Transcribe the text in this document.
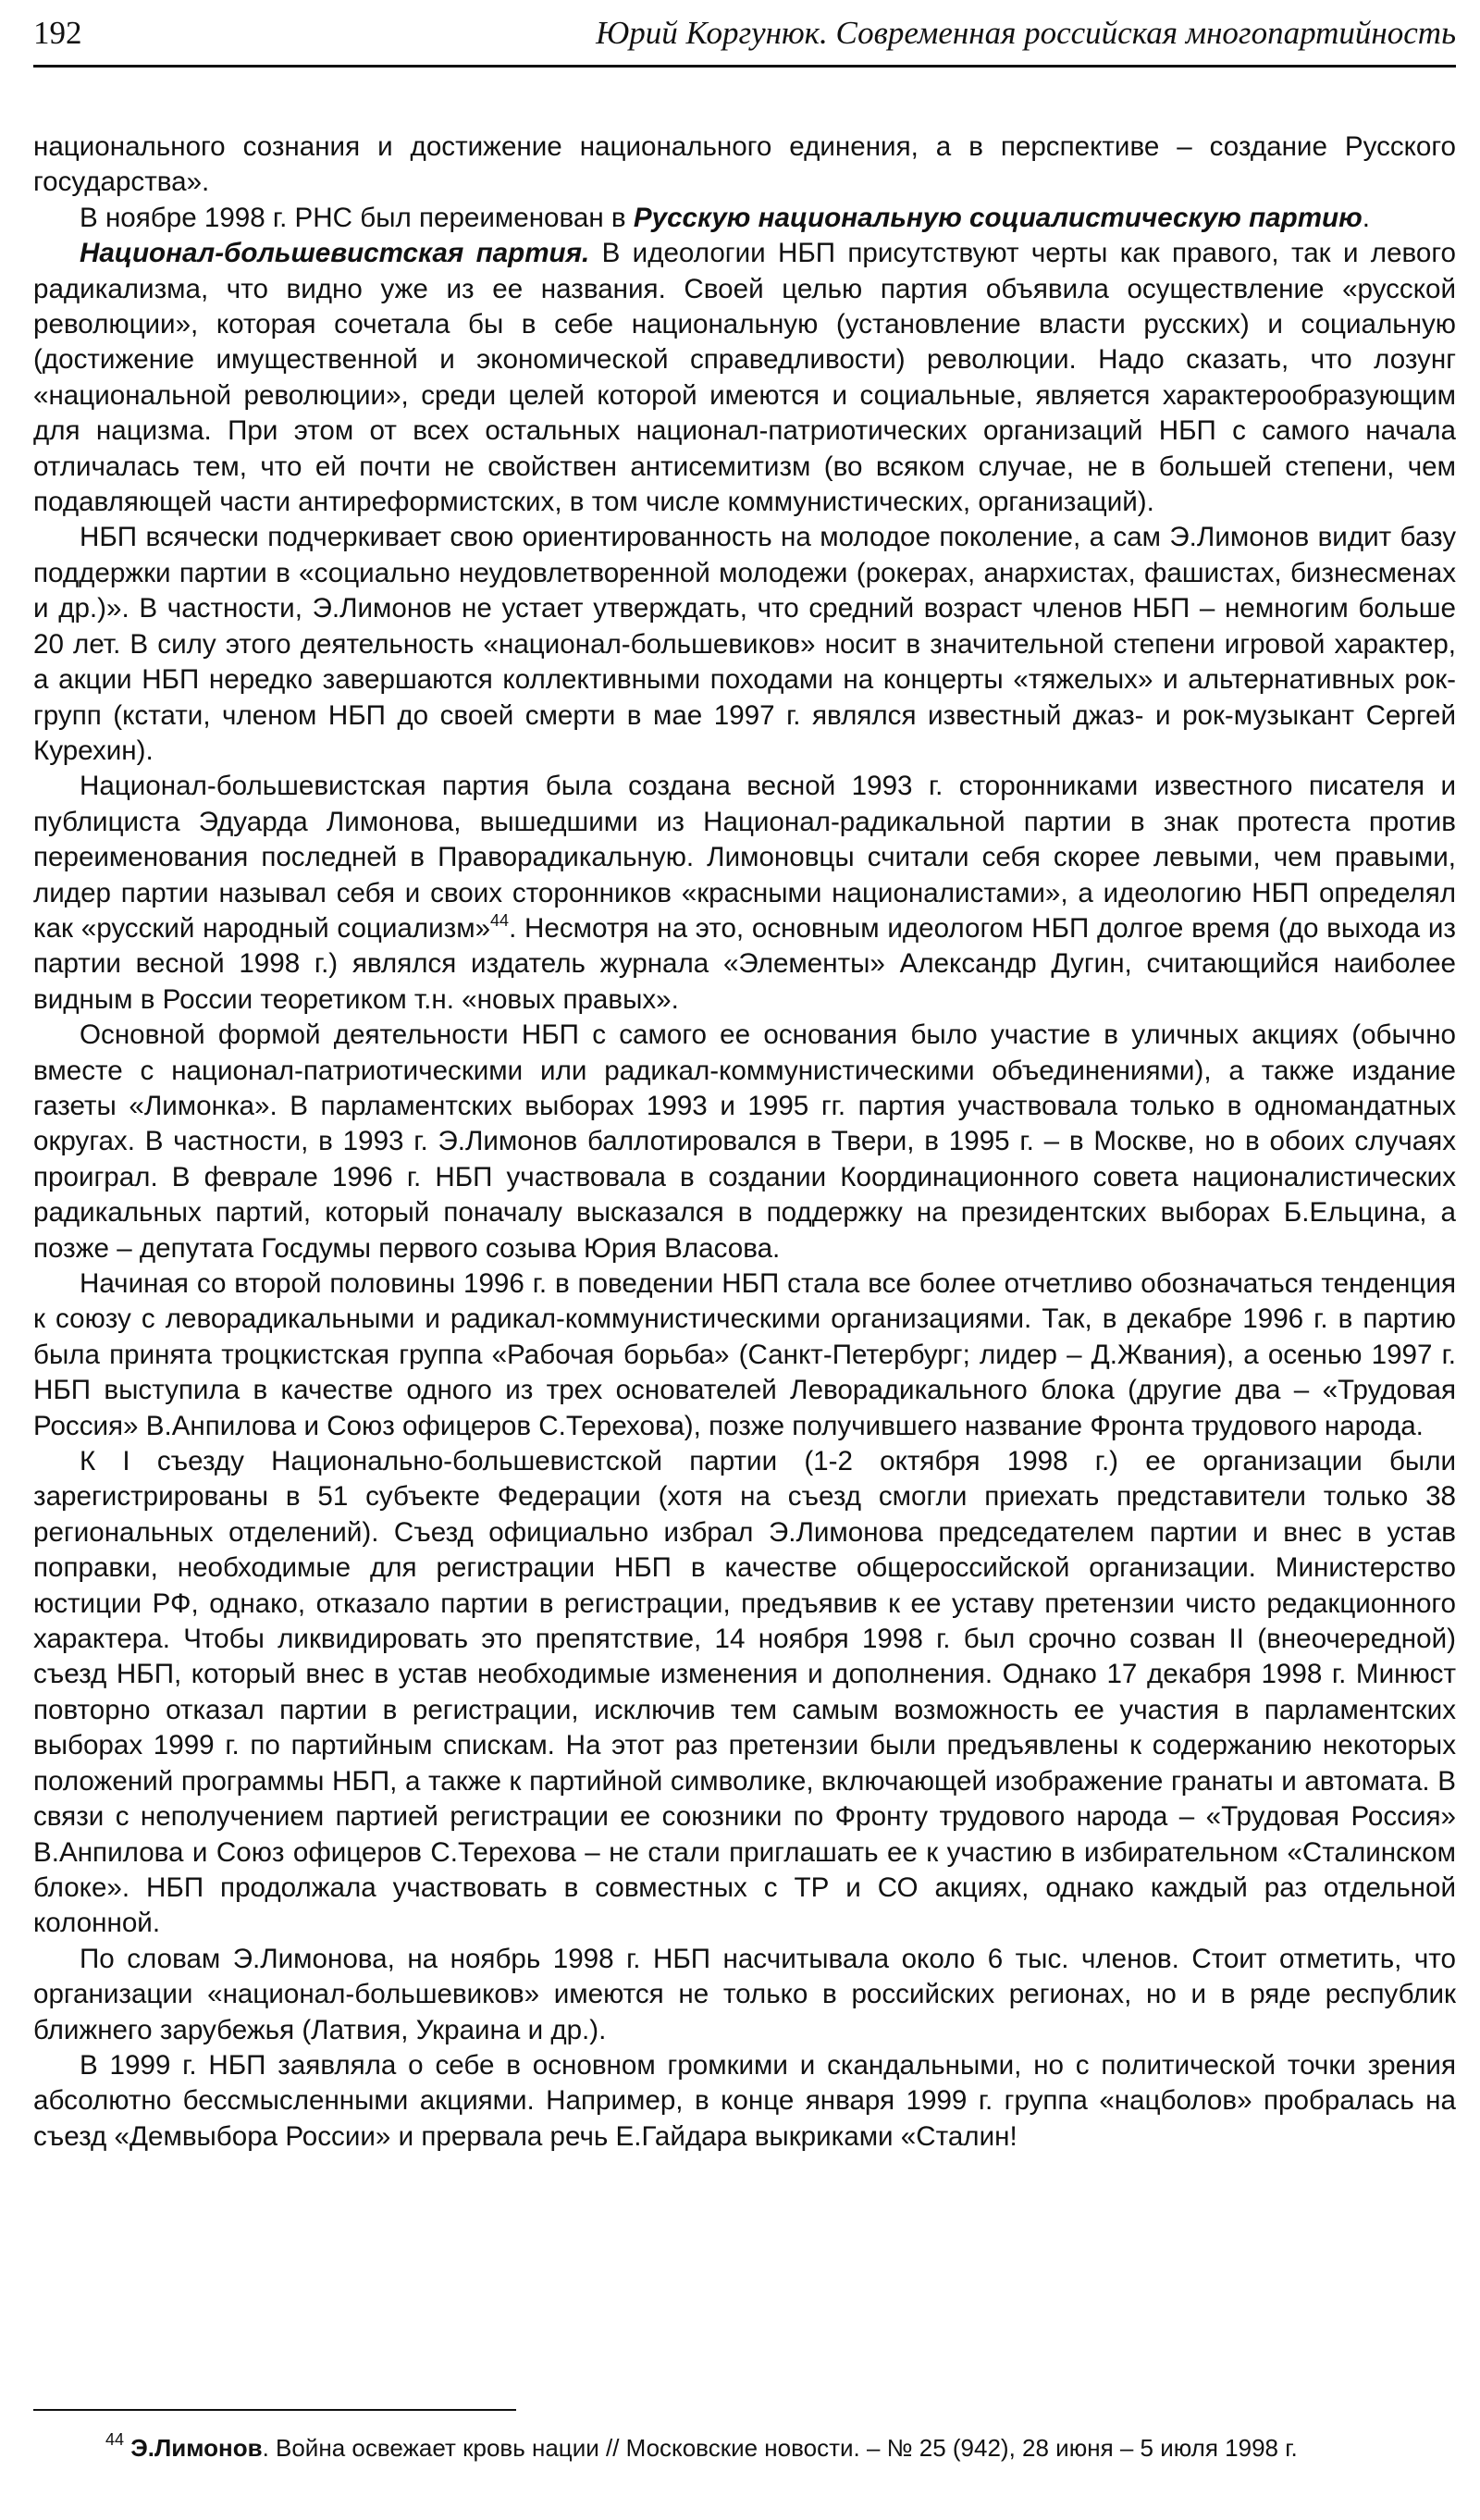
192	Юрий Коргунюк. Современная российская многопартийность

национального сознания и достижение национального единения, а в перспективе – создание Русского государства».

В ноябре 1998 г. РНС был переименован в Русскую национальную социалистическую партию.

Национал-большевистская партия. В идеологии НБП присутствуют черты как правого, так и левого радикализма, что видно уже из ее названия. Своей целью партия объявила осуществление «русской революции», которая сочетала бы в себе национальную (установление власти русских) и социальную (достижение имущественной и экономической справедливости) революции. Надо сказать, что лозунг «национальной революции», среди целей которой имеются и социальные, является характерообразующим для нацизма. При этом от всех остальных национал-патриотических организаций НБП с самого начала отличалась тем, что ей почти не свойствен антисемитизм (во всяком случае, не в большей степени, чем подавляющей части антиреформистских, в том числе коммунистических, организаций).

НБП всячески подчеркивает свою ориентированность на молодое поколение, а сам Э.Лимонов видит базу поддержки партии в «социально неудовлетворенной молодежи (рокерах, анархистах, фашистах, бизнесменах и др.)». В частности, Э.Лимонов не устает утверждать, что средний возраст членов НБП – немногим больше 20 лет. В силу этого деятельность «национал-большевиков» носит в значительной степени игровой характер, а акции НБП нередко завершаются коллективными походами на концерты «тяжелых» и альтернативных рок-групп (кстати, членом НБП до своей смерти в мае 1997 г. являлся известный джаз- и рок-музыкант Сергей Курехин).

Национал-большевистская партия была создана весной 1993 г. сторонниками известного писателя и публициста Эдуарда Лимонова, вышедшими из Национал-радикальной партии в знак протеста против переименования последней в Праворадикальную. Лимоновцы считали себя скорее левыми, чем правыми, лидер партии называл себя и своих сторонников «красными националистами», а идеологию НБП определял как «русский народный социализм»$^{44}$. Несмотря на это, основным идеологом НБП долгое время (до выхода из партии весной 1998 г.) являлся издатель журнала «Элементы» Александр Дугин, считающийся наиболее видным в России теоретиком т.н. «новых правых».

Основной формой деятельности НБП с самого ее основания было участие в уличных акциях (обычно вместе с национал-патриотическими или радикал-коммунистическими объединениями), а также издание газеты «Лимонка». В парламентских выборах 1993 и 1995 гг. партия участвовала только в одномандатных округах. В частности, в 1993 г. Э.Лимонов баллотировался в Твери, в 1995 г. – в Москве, но в обоих случаях проиграл. В феврале 1996 г. НБП участвовала в создании Координационного совета националистических радикальных партий, который поначалу высказался в поддержку на президентских выборах Б.Ельцина, а позже – депутата Госдумы первого созыва Юрия Власова.

Начиная со второй половины 1996 г. в поведении НБП стала все более отчетливо обозначаться тенденция к союзу с леворадикальными и радикал-коммунистическими организациями. Так, в декабре 1996 г. в партию была принята троцкистская группа «Рабочая борьба» (Санкт-Петербург; лидер – Д.Жвания), а осенью 1997 г. НБП выступила в качестве одного из трех основателей Леворадикального блока (другие два – «Трудовая Россия» В.Анпилова и Союз офицеров С.Терехова), позже получившего название Фронта трудового народа.

К I съезду Национально-большевистской партии (1-2 октября 1998 г.) ее организации были зарегистрированы в 51 субъекте Федерации (хотя на съезд смогли приехать представители только 38 региональных отделений). Съезд официально избрал Э.Лимонова председателем партии и внес в устав поправки, необходимые для регистрации НБП в качестве общероссийской организации. Министерство юстиции РФ, однако, отказало партии в регистрации, предъявив к ее уставу претензии чисто редакционного характера. Чтобы ликвидировать это препятствие, 14 ноября 1998 г. был срочно созван II (внеочередной) съезд НБП, который внес в устав необходимые изменения и дополнения. Однако 17 декабря 1998 г. Минюст повторно отказал партии в регистрации, исключив тем самым возможность ее участия в парламентских выборах 1999 г. по партийным спискам. На этот раз претензии были предъявлены к содержанию некоторых положений программы НБП, а также к партийной символике, включающей изображение гранаты и автомата. В связи с неполучением партией регистрации ее союзники по Фронту трудового народа – «Трудовая Россия» В.Анпилова и Союз офицеров С.Терехова – не стали приглашать ее к участию в избирательном «Сталинском блоке». НБП продолжала участвовать в совместных с ТР и СО акциях, однако каждый раз отдельной колонной.

По словам Э.Лимонова, на ноябрь 1998 г. НБП насчитывала около 6 тыс. членов. Стоит отметить, что организации «национал-большевиков» имеются не только в российских регионах, но и в ряде республик ближнего зарубежья (Латвия, Украина и др.).

В 1999 г. НБП заявляла о себе в основном громкими и скандальными, но с политической точки зрения абсолютно бессмысленными акциями. Например, в конце января 1999 г. группа «нацболов» пробралась на съезд «Демвыбора России» и прервала речь Е.Гайдара выкриками «Сталин!

$^{44}$ Э.Лимонов. Война освежает кровь нации // Московские новости. – № 25 (942), 28 июня – 5 июля 1998 г.
